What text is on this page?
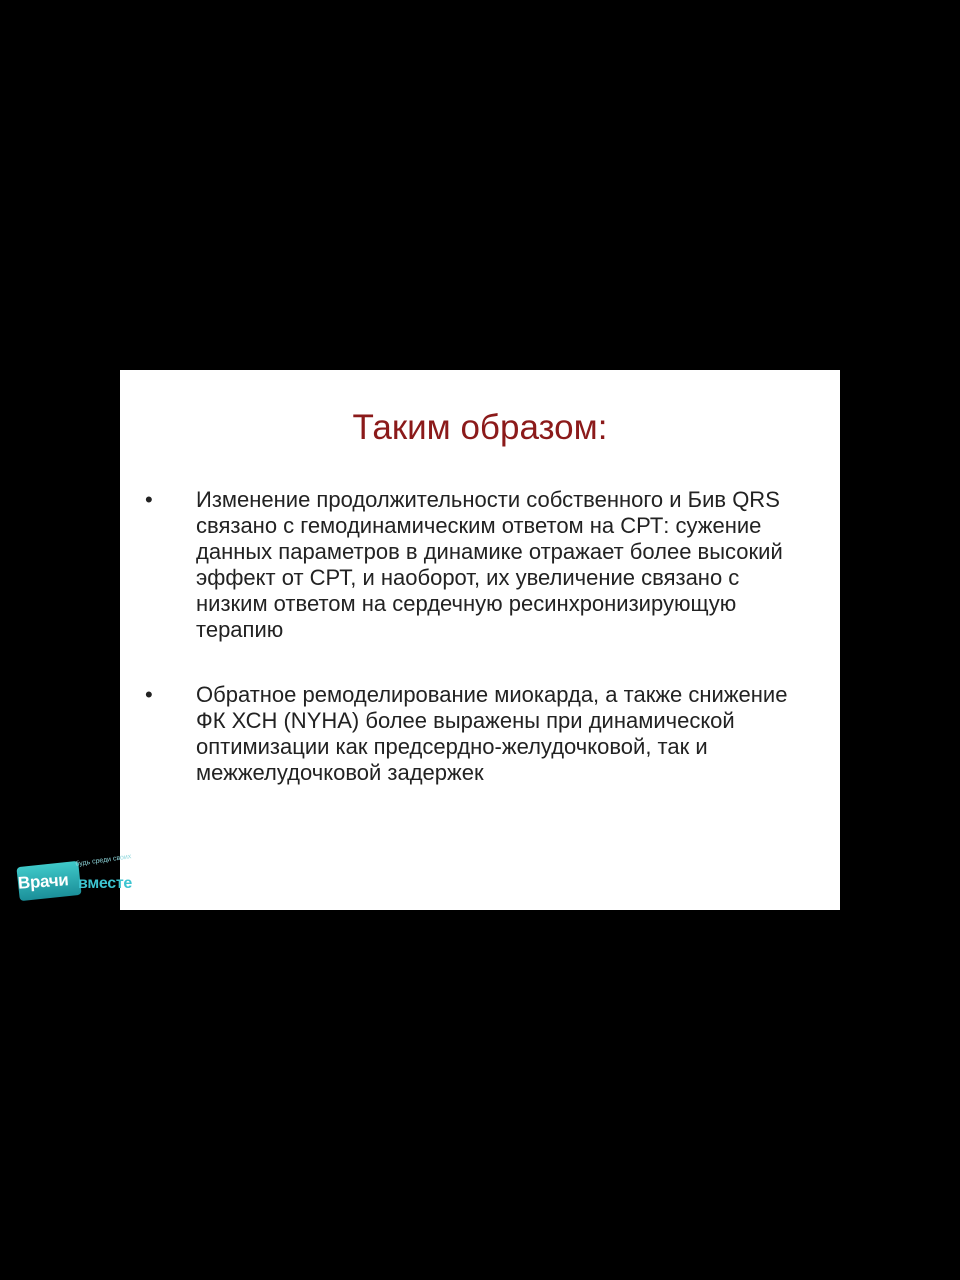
Таким образом:
• Изменение продолжительности собственного и Бив QRS связано с гемодинамическим ответом на СРТ: сужение данных параметров в динамике отражает более высокий эффект от СРТ, и наоборот, их увеличение связано с низким ответом на сердечную ресинхронизирующую терапию
• Обратное ремоделирование миокарда, а также снижение ФК ХСН (NYHA) более выражены при динамической оптимизации как предсердно-желудочковой, так и межжелудочковой задержек
Врачи
будь среди своих
вместе
